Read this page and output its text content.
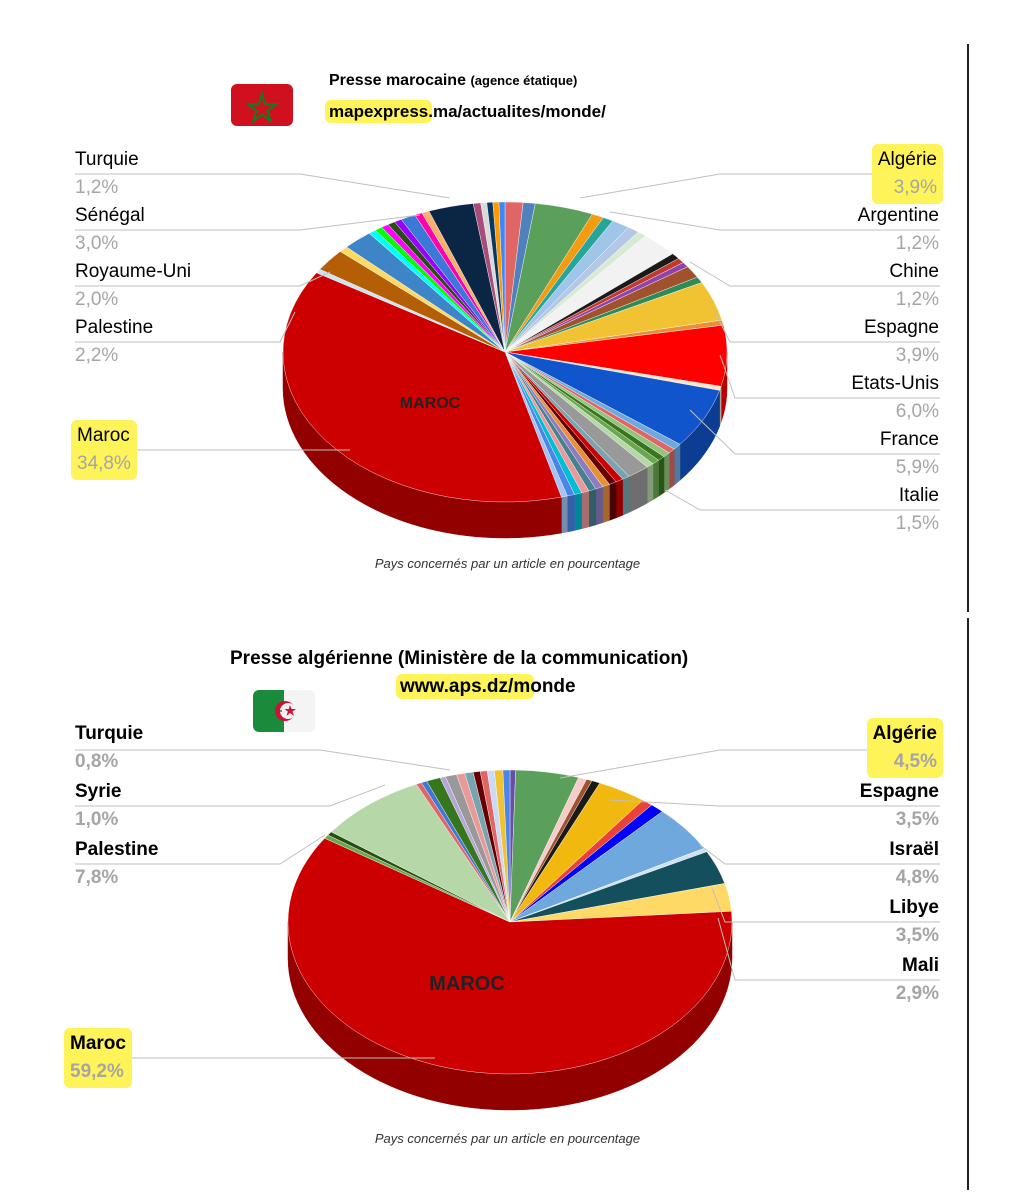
Presse marocaine (agence étatique)
mapexpress.ma/actualites/monde/
Pays concernés par un article en pourcentage
Presse algérienne (Ministère de la communication)
www.aps.dz/monde
Pays concernés par un article en pourcentage
MAROC
MAROC
Turquie
1,2%
Sénégal
3,0%
Royaume-Uni
2,0%
Palestine
2,2%
Maroc
34,8%
Algérie
3,9%
Argentine
1,2%
Chine
1,2%
Espagne
3,9%
Etats-Unis
6,0%
France
5,9%
Italie
1,5%
Turquie
0,8%
Syrie
1,0%
Palestine
7,8%
Maroc
59,2%
Algérie
4,5%
Espagne
3,5%
Israël
4,8%
Libye
3,5%
Mali
2,9%
